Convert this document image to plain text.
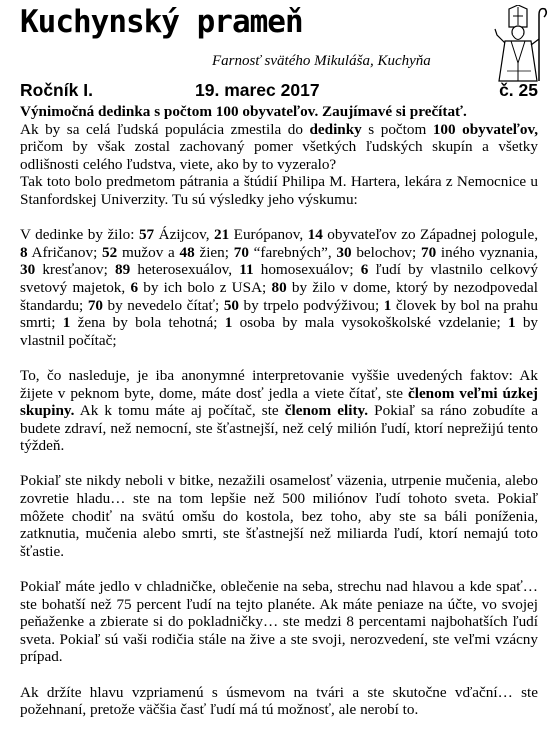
Kuchynský prameň
Farnosť svätého Mikuláša, Kuchyňa
Ročník I.	19. marec 2017	č. 25

Výnimočná dedinka s počtom 100 obyvateľov. Zaujímavé si prečítať.

Ak by sa celá ľudská populácia zmestila do dedinky s počtom 100 obyvateľov, pričom by však zostal zachovaný pomer všetkých ľudských skupín a všetky odlišnosti celého ľudstva, viete, ako by to vyzeralo?

Tak toto bolo predmetom pátrania a štúdií Philipa M. Hartera, lekára z Nemocnice u Stanfordskej Univerzity. Tu sú výsledky jeho výskumu:

V dedinke by žilo: 57 Ázijcov, 21 Európanov, 14 obyvateľov zo Západnej pologule, 8 Afričanov; 52 mužov a 48 žien; 70 “farebných”, 30 belochov; 70 iného vyznania, 30 kresťanov; 89 heterosexuálov, 11 homosexuálov; 6 ľudí by vlastnilo celkový svetový majetok, 6 by ich bolo z USA; 80 by žilo v dome, ktorý by nezodpovedal štandardu; 70 by nevedelo čítať; 50 by trpelo podvýživou; 1 človek by bol na prahu smrti; 1 žena by bola tehotná; 1 osoba by mala vysokoškolské vzdelanie; 1 by vlastnil počítač;

To, čo nasleduje, je iba anonymné interpretovanie vyššie uvedených faktov: Ak žijete v peknom byte, dome, máte dosť jedla a viete čítať, ste členom veľmi úzkej skupiny. Ak k tomu máte aj počítač, ste členom elity. Pokiaľ sa ráno zobudíte a budete zdraví, než nemocní, ste šťastnejší, než celý milión ľudí, ktorí neprežijú tento týždeň.

Pokiaľ ste nikdy neboli v bitke, nezažili osamelosť väzenia, utrpenie mučenia, alebo zovretie hladu… ste na tom lepšie než 500 miliónov ľudí tohoto sveta. Pokiaľ môžete chodiť na svätú omšu do kostola, bez toho, aby ste sa báli poníženia, zatknutia, mučenia alebo smrti, ste šťastnejší než miliarda ľudí, ktorí nemajú toto šťastie.

Pokiaľ máte jedlo v chladničke, oblečenie na seba, strechu nad hlavou a kde spať… ste bohatší než 75 percent ľudí na tejto planéte. Ak máte peniaze na účte, vo svojej peňaženke a zbierate si do pokladničky… ste medzi 8 percentami najbohatších ľudí sveta. Pokiaľ sú vaši rodičia stále na žive a ste svoji, nerozvedení, ste veľmi vzácny prípad.

Ak držíte hlavu vzpriamenú s úsmevom na tvári a ste skutočne vďační… ste požehnaní, pretože väčšia časť ľudí má tú možnosť, ale nerobí to.
